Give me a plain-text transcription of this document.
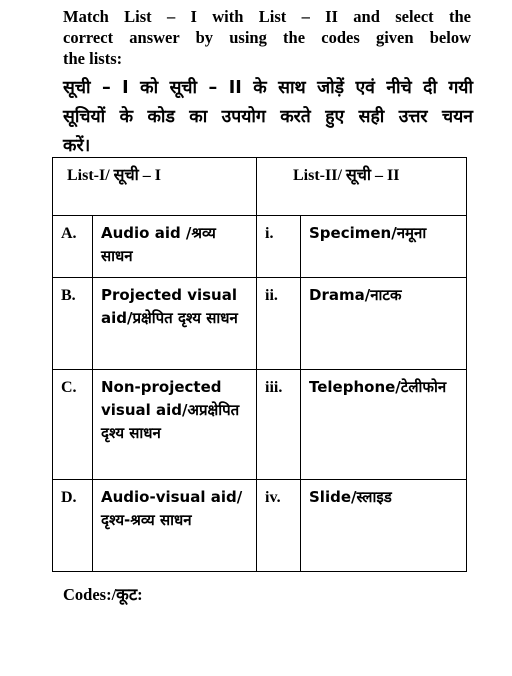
Match List – I with List – II and select the
correct answer by using the codes given below
the lists:
सूची – I को सूची – II के साथ जोड़ें एवं नीचे दी गयी
सूचियों के कोड का उपयोग करते हुए सही उत्तर चयन
करें।
List-I/ सूची – I		List-II/ सूची – II	
A.	Audio aid /श्रव्य साधन	i.	Specimen/नमूना
B.	Projected visual aid/प्रक्षेपित दृश्य साधन	ii.	Drama/नाटक
C.	Non-projected visual aid/अप्रक्षेपित दृश्य साधन	iii.	Telephone/टेलीफोन
D.	Audio-visual aid/दृश्य-श्रव्य साधन	iv.	Slide/स्लाइड
Codes:/कूट:
